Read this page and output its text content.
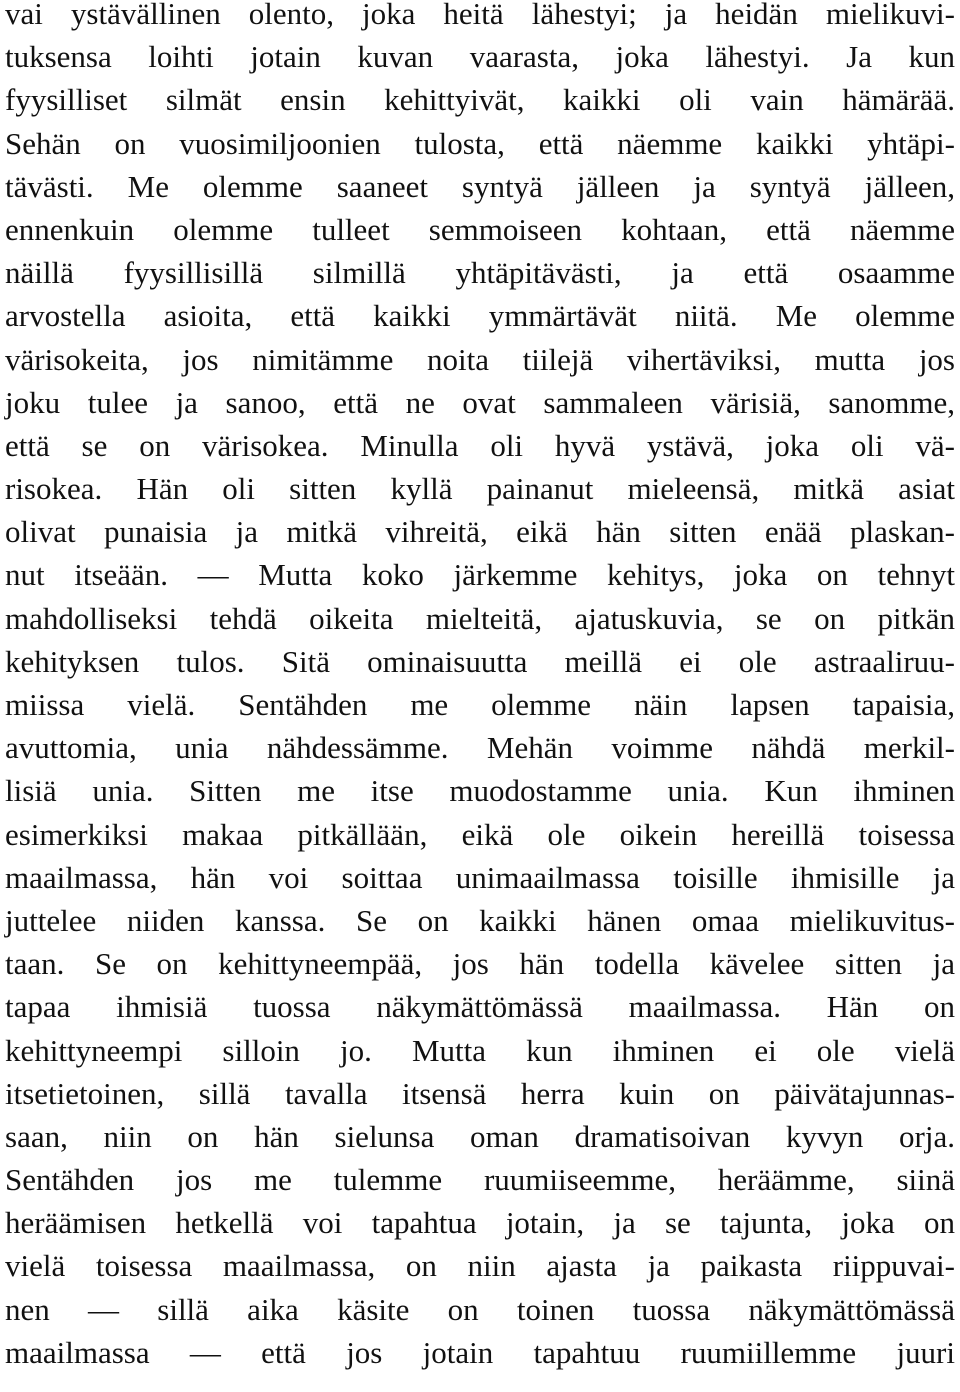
vai ystävällinen olento, joka heitä lähestyi; ja heidän mielikuvi-
tuksensa loihti jotain kuvan vaarasta, joka lähestyi. Ja kun
fyysilliset silmät ensin kehittyivät, kaikki oli vain hämärää.
Sehän on vuosimiljoonien tulosta, että näemme kaikki yhtäpi-
tävästi. Me olemme saaneet syntyä jälleen ja syntyä jälleen,
ennenkuin olemme tulleet semmoiseen kohtaan, että näemme
näillä fyysillisillä silmillä yhtäpitävästi, ja että osaamme
arvostella asioita, että kaikki ymmärtävät niitä. Me olemme
värisokeita, jos nimitämme noita tiilejä vihertäviksi, mutta jos
joku tulee ja sanoo, että ne ovat sammaleen värisiä, sanomme,
että se on värisokea. Minulla oli hyvä ystävä, joka oli vä-
risokea. Hän oli sitten kyllä painanut mieleensä, mitkä asiat
olivat punaisia ja mitkä vihreitä, eikä hän sitten enää plaskan-
nut itseään. — Mutta koko järkemme kehitys, joka on tehnyt
mahdolliseksi tehdä oikeita mielteitä, ajatuskuvia, se on pitkän
kehityksen tulos. Sitä ominaisuutta meillä ei ole astraaliruu-
miissa vielä. Sentähden me olemme näin lapsen tapaisia,
avuttomia, unia nähdessämme. Mehän voimme nähdä merkil-
lisiä unia. Sitten me itse muodostamme unia. Kun ihminen
esimerkiksi makaa pitkällään, eikä ole oikein hereillä toisessa
maailmassa, hän voi soittaa unimaailmassa toisille ihmisille ja
juttelee niiden kanssa. Se on kaikki hänen omaa mielikuvitus-
taan. Se on kehittyneempää, jos hän todella kävelee sitten ja
tapaa ihmisiä tuossa näkymättömässä maailmassa. Hän on
kehittyneempi silloin jo. Mutta kun ihminen ei ole vielä
itsetietoinen, sillä tavalla itsensä herra kuin on päivätajunnas-
saan, niin on hän sielunsa oman dramatisoivan kyvyn orja.
Sentähden jos me tulemme ruumiiseemme, heräämme, siinä
heräämisen hetkellä voi tapahtua jotain, ja se tajunta, joka on
vielä toisessa maailmassa, on niin ajasta ja paikasta riippuvai-
nen — sillä aika käsite on toinen tuossa näkymättömässä
maailmassa — että jos jotain tapahtuu ruumiillemme juuri
